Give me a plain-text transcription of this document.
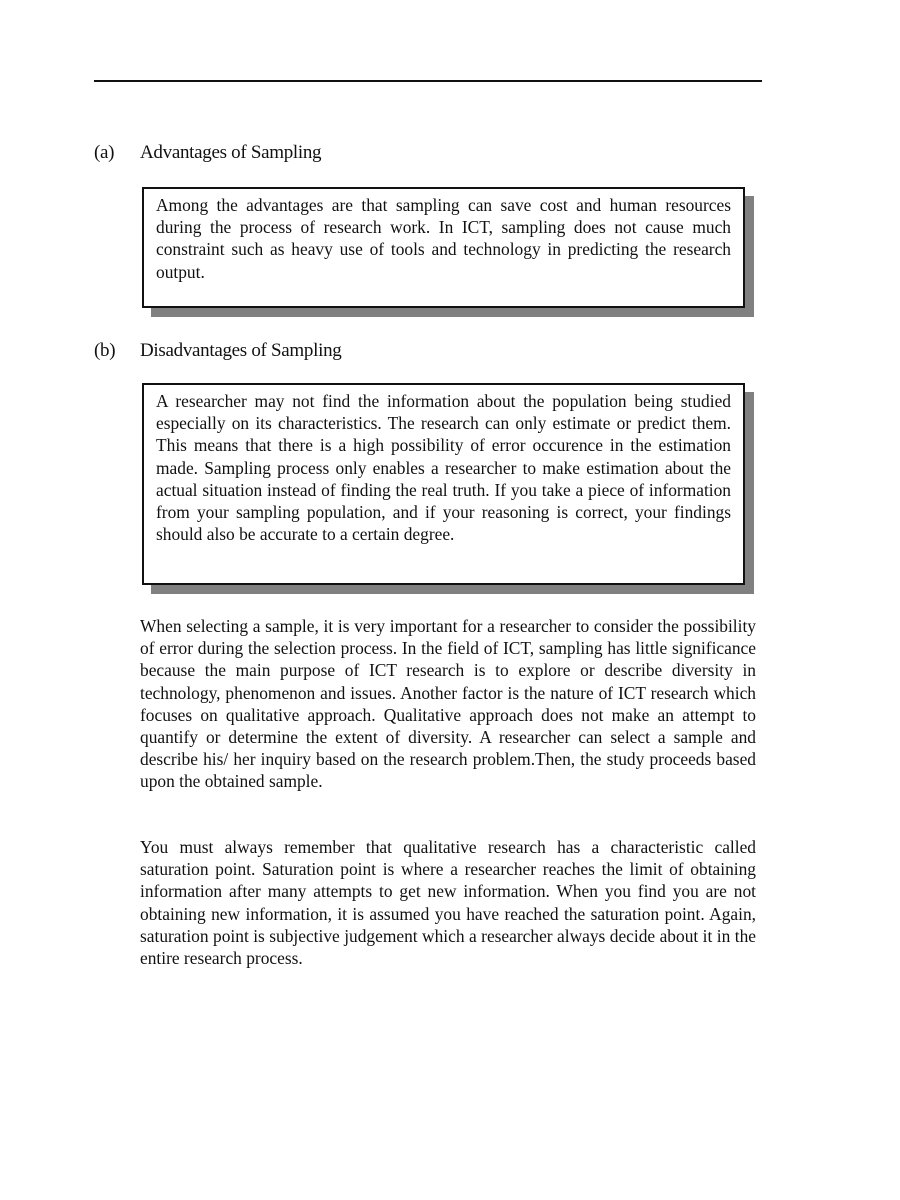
(a) Advantages of Sampling
Among the advantages are that sampling can save cost and human resources during the process of research work. In ICT, sampling does not cause much constraint such as heavy use of tools and technology in predicting the research output.
(b) Disadvantages of Sampling
A researcher may not find the information about the population being studied especially on its characteristics. The research can only estimate or predict them. This means that there is a high possibility of error occurence in the estimation made. Sampling process only enables a researcher to make estimation about the actual situation instead of finding the real truth. If you take a piece of information from your sampling population, and if your reasoning is correct, your findings should also be accurate to a certain degree.

When selecting a sample, it is very important for a researcher to consider the possibility of error during the selection process. In the field of ICT, sampling has little significance because the main purpose of ICT research is to explore or describe diversity in technology, phenomenon and issues. Another factor is the nature of ICT research which focuses on qualitative approach. Qualitative approach does not make an attempt to quantify or determine the extent of diversity. A researcher can select a sample and describe his/ her inquiry based on the research problem.Then, the study proceeds based upon the obtained sample.

You must always remember that qualitative research has a characteristic called saturation point. Saturation point is where a researcher reaches the limit of obtaining information after many attempts to get new information. When you find you are not obtaining new information, it is assumed you have reached the saturation point. Again, saturation point is subjective judgement which a researcher always decide about it in the entire research process.
